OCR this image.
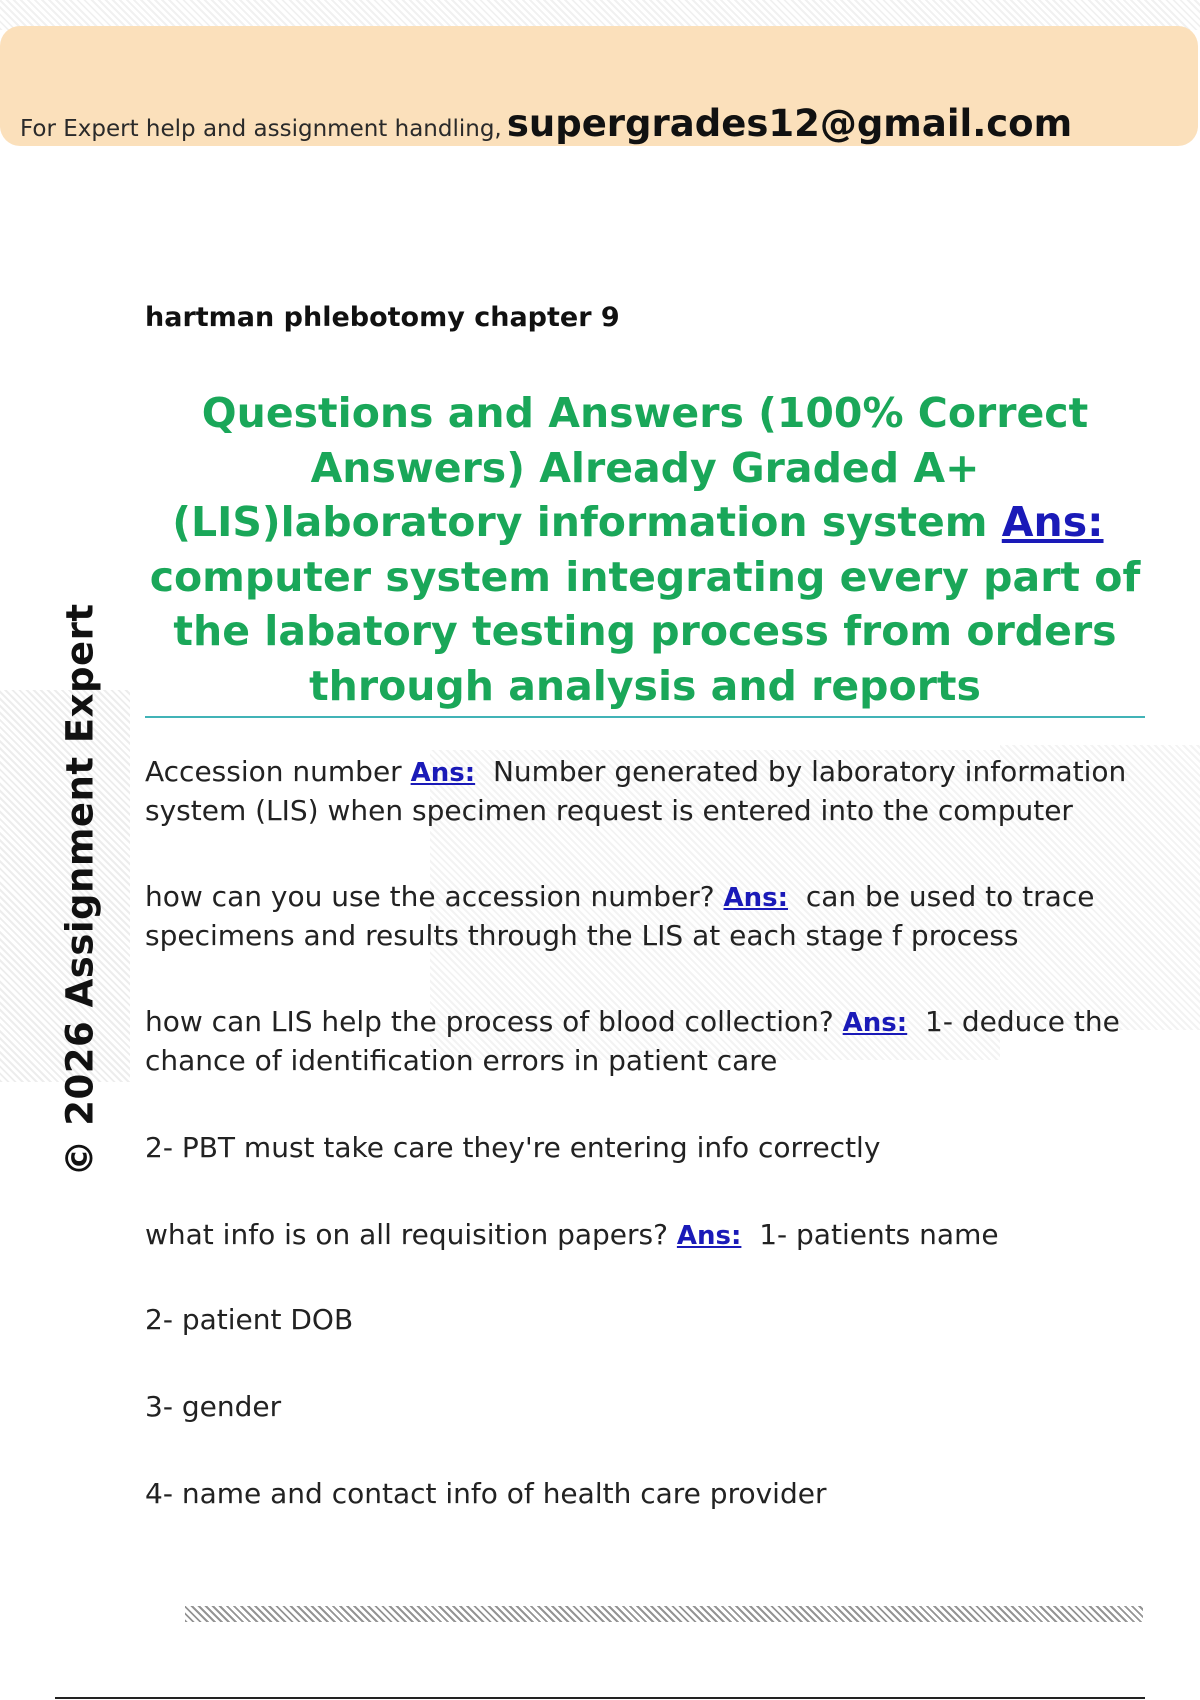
For Expert help and assignment handling, supergrades12@gmail.com
© 2026 Assignment Expert
hartman phlebotomy chapter 9
Questions and Answers (100% Correct Answers) Already Graded A+ (LIS)laboratory information system Ans:  computer system integrating every part of the labatory testing process from orders through analysis and reports

Accession number Ans: Number generated by laboratory information system (LIS) when specimen request is entered into the computer

how can you use the accession number? Ans: can be used to trace specimens and results through the LIS at each stage f process

how can LIS help the process of blood collection? Ans: 1- deduce the chance of identification errors in patient care

2- PBT must take care they're entering info correctly

what info is on all requisition papers? Ans: 1- patients name

2- patient DOB

3- gender

4- name and contact info of health care provider
